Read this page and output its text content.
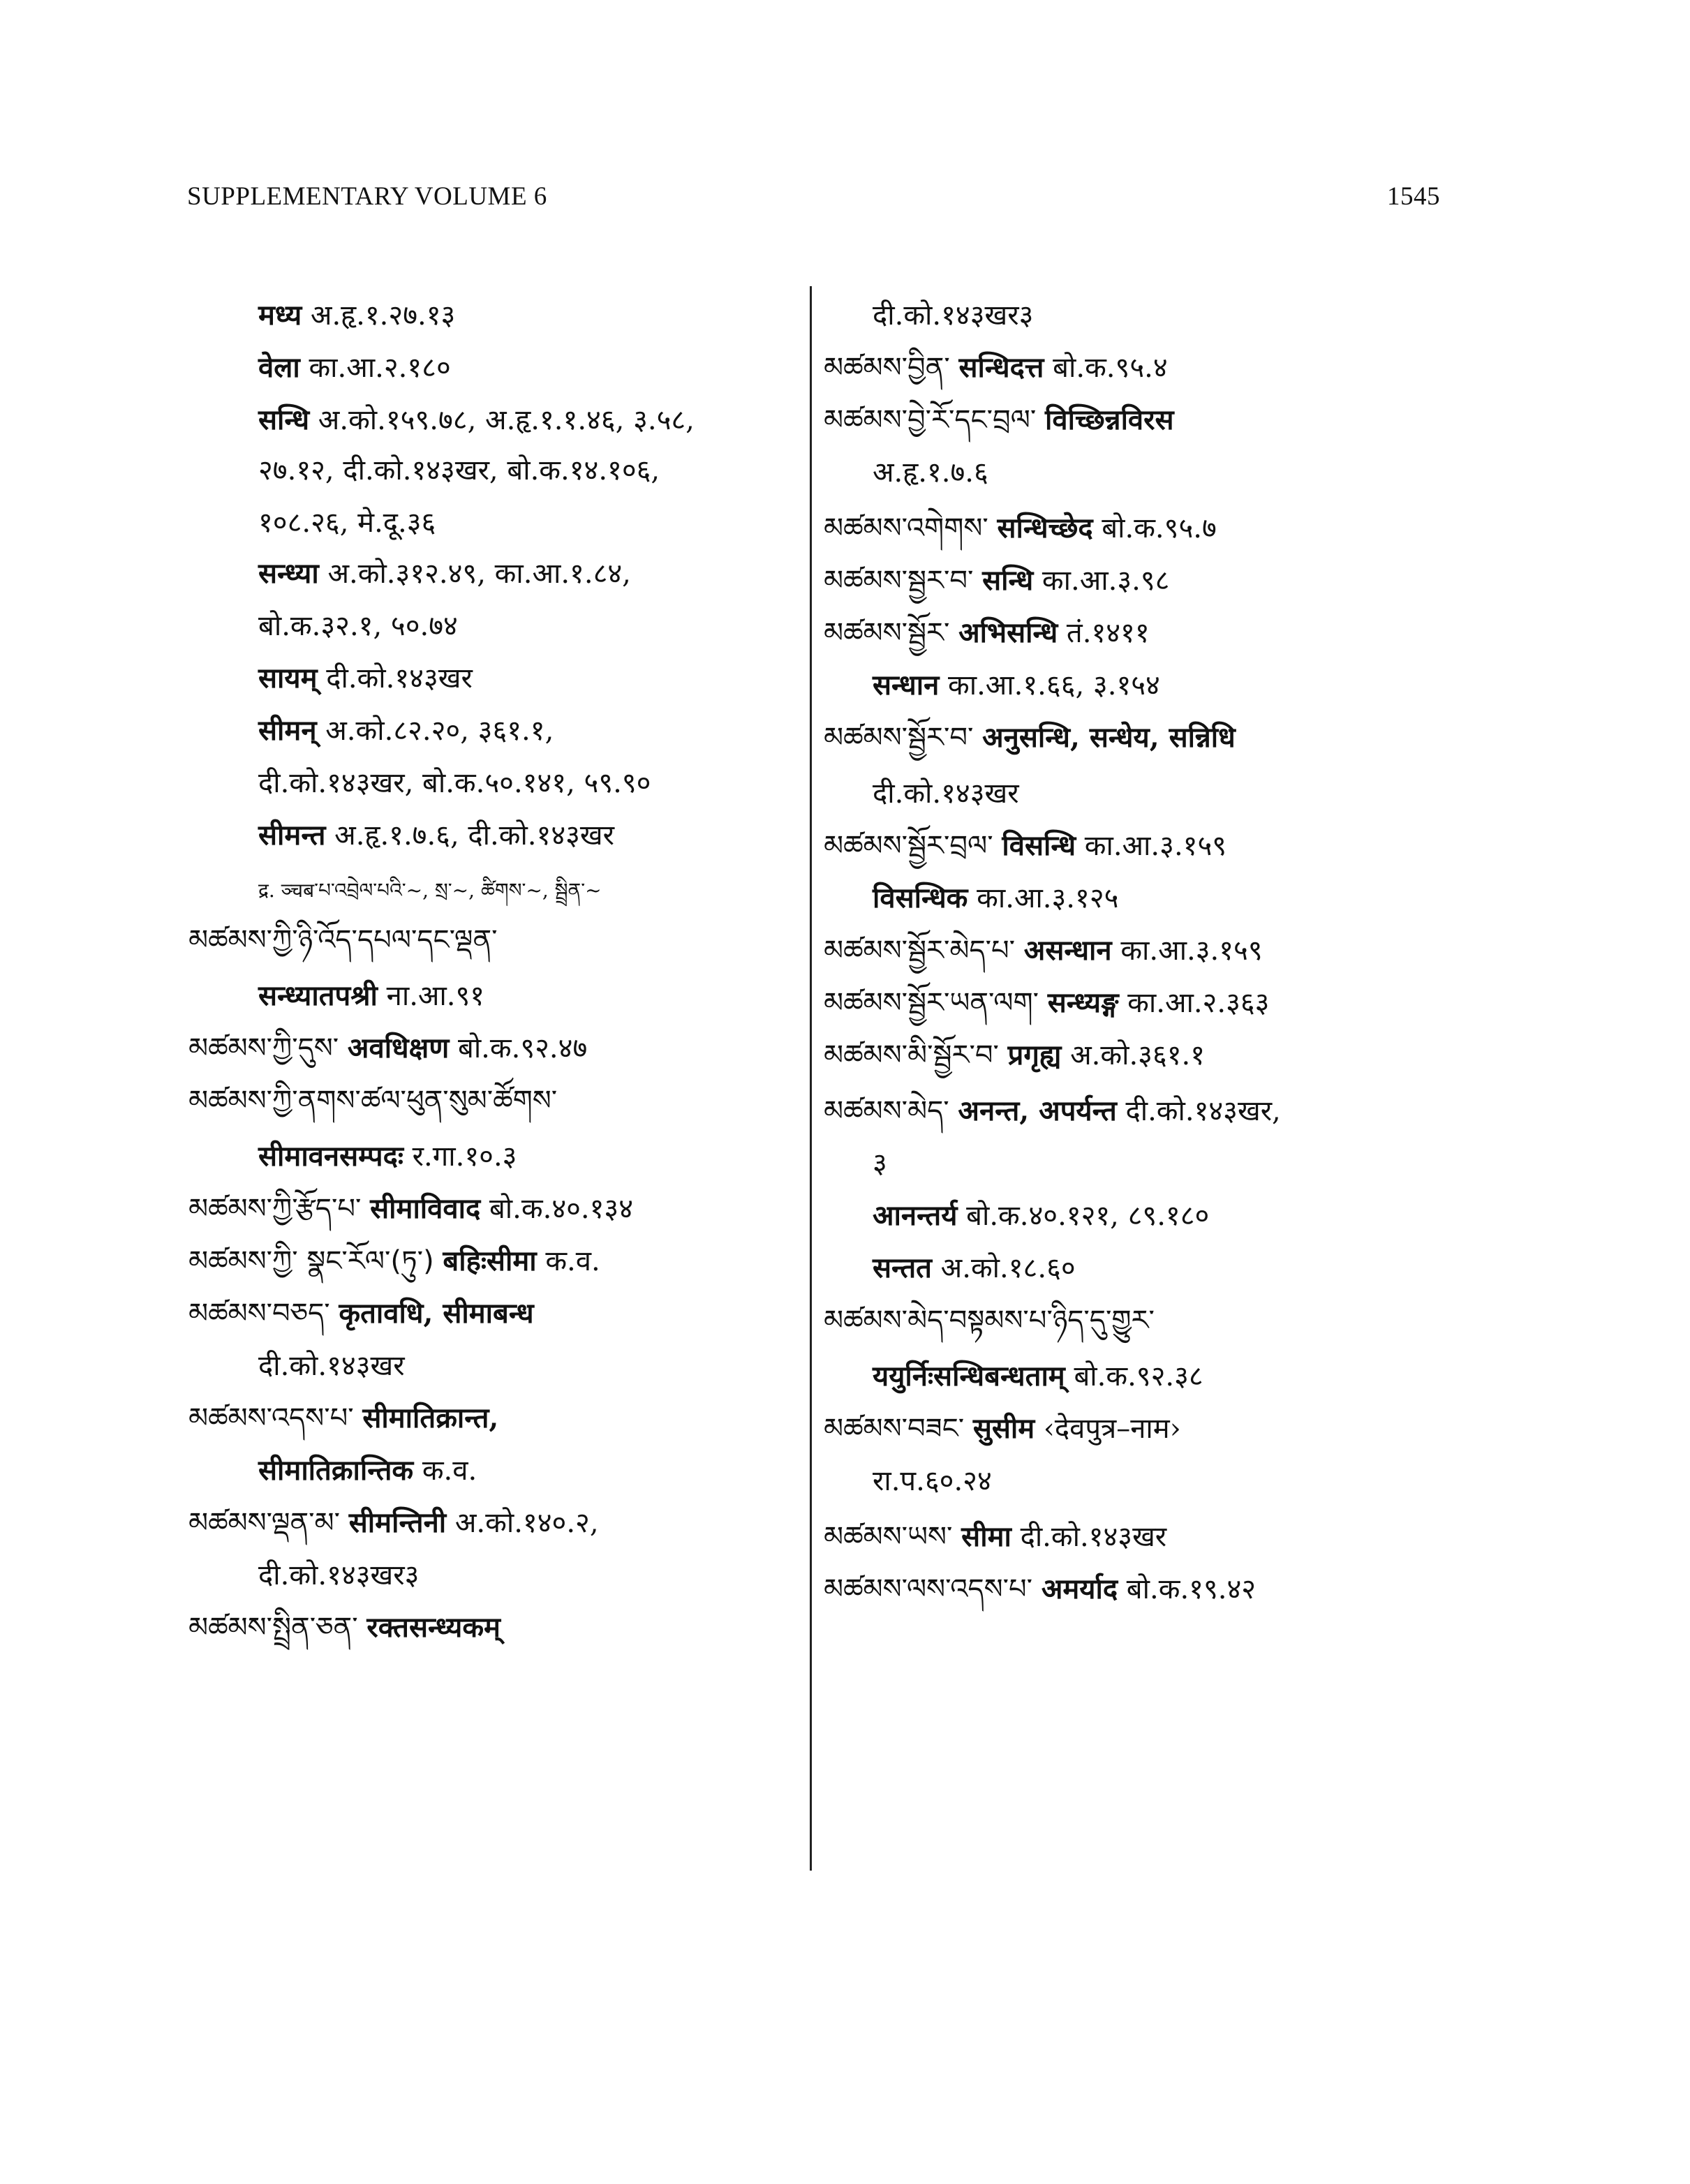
SUPPLEMENTARY VOLUME 6	1545
मध्य अ.हृ.१.२७.१३
वेला का.आ.२.१८०
सन्धि अ.को.१५९.७८, अ.हृ.१.१.४६, ३.५८,
२७.१२, दी.को.१४३खर, बो.क.१४.१०६,
१०८.२६, मे.दू.३६
सन्ध्या अ.को.३१२.४९, का.आ.१.८४,
बो.क.३२.१, ५०.७४
सायम् दी.को.१४३खर
सीमन् अ.को.८२.२०, ३६१.१,
दी.को.१४३खर, बो.क.५०.१४१, ५९.९०
सीमन्त अ.हृ.१.७.६, दी.को.१४३खर
द्र. ञ्चब་པ་འབྲེལ་པའི་~, སྲ་~, ཚིགས་~, སྦྲིན་~
མཚམས་ཀྱི་ཉི་འོད་དཔལ་དང་ལྡན་
सन्ध्यातपश्री ना.आ.९१
མཚམས་ཀྱི་དུས་ अवधिक्षण बो.क.९२.४७
མཚམས་ཀྱི་ནགས་ཚལ་ཕུན་སུམ་ཚོགས་
सीमावनसम्पदः र.गा.१०.३
མཚམས་ཀྱི་རྩོད་པ་ सीमाविवाद बो.क.४०.१३४
མཚམས་ཀྱི་ སྣང་རོལ་(ཏུ་) बहिःसीमा क.व.
མཚམས་བཅད་ कृतावधि, सीमाबन्ध
दी.को.१४३खर
མཚམས་འདས་པ་ सीमातिक्रान्त,
सीमातिक्रान्तिक क.व.
མཚམས་ལྡན་མ་ सीमन्तिनी अ.को.१४०.२,
दी.को.१४३खर३
མཚམས་སྤྲིན་ཅན་ रक्तसन्ध्यकम्
दी.को.१४३खर३
མཚམས་བྱིན་ सन्धिदत्त बो.क.९५.४
མཚམས་བྱེ་རོ་དང་བྲལ་ विच्छिन्नविरस
अ.हृ.१.७.६
མཚམས་འགེགས་ सन्धिच्छेद बो.क.९५.७
མཚམས་སྦྱར་བ་ सन्धि का.आ.३.९८
མཚམས་སྦྱོར་ अभिसन्धि तं.१४११
सन्धान का.आ.१.६६, ३.१५४
མཚམས་སྦྱོར་བ་ अनुसन्धि, सन्धेय, सन्निधि
दी.को.१४३खर
མཚམས་སྦྱོར་བྲལ་ विसन्धि का.आ.३.१५९
विसन्धिक का.आ.३.१२५
མཚམས་སྦྱོར་མེད་པ་ असन्धान का.आ.३.१५९
མཚམས་སྦྱོར་ཡན་ལག་ सन्ध्यङ्ग का.आ.२.३६३
མཚམས་མི་སྦྱོར་བ་ प्रगृह्य अ.को.३६१.१
མཚམས་མེད་ अनन्त, अपर्यन्त दी.को.१४३खर,
३
आनन्तर्य बो.क.४०.१२१, ८९.१८०
सन्तत अ.को.१८.६०
མཚམས་མེད་བསྟམས་པ་ཉིད་དུ་གྱུར་
ययुर्निःसन्धिबन्धताम् बो.क.९२.३८
མཚམས་བཟང་ सुसीम ‹देवपुत्र–नाम›
रा.प.६०.२४
མཚམས་ཡས་ सीमा दी.को.१४३खर
མཚམས་ལས་འདས་པ་ अमर्याद बो.क.१९.४२
